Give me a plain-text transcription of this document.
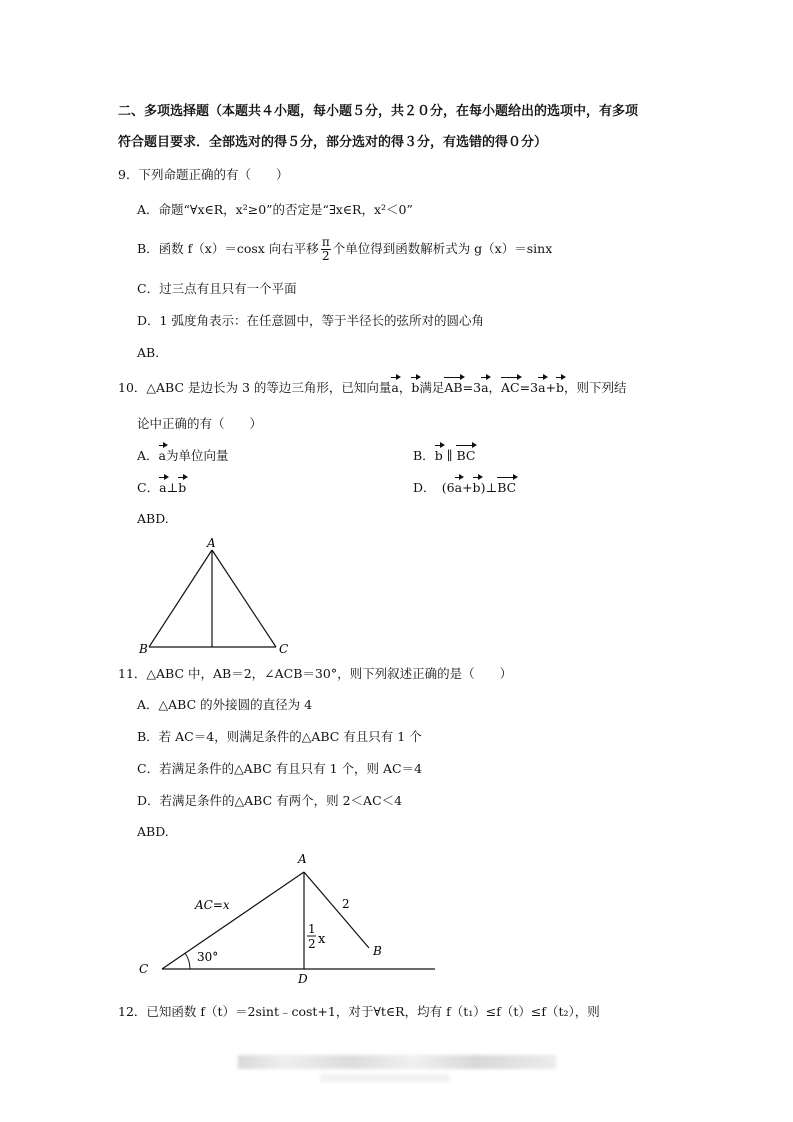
二、多项选择题（本题共４小题，每小题５分，共２０分，在每小题给出的选项中，有多项
符合题目要求．全部选对的得５分，部分选对的得３分，有选错的得０分）
9．下列命题正确的有（　　）
A．命题“∀x∈R，x²≥0”的否定是“∃x∈R，x²＜0”
B．函数 f（x）＝cosx 向右平移 $\frac{\pi}{2}$ 个单位得到函数解析式为 g（x）＝sinx
C．过三点有且只有一个平面
D．1 弧度角表示：在任意圆中，等于半径长的弦所对的圆心角
AB.
10．△ABC 是边长为 3 的等边三角形，已知向量a，b满足AB=3a，AC=3a+b，则下列结
论中正确的有（　　）
A．a为单位向量	B．b ∥ BC
C．a⊥b	D．　(6a+b)⊥BC
ABD.
A
B	C
11．△ABC 中，AB＝2，∠ACB＝30°，则下列叙述正确的是（　　）
A．△ABC 的外接圆的直径为 4
B．若 AC＝4，则满足条件的△ABC 有且只有 1 个
C．若满足条件的△ABC 有且只有 1 个，则 AC＝4
D．若满足条件的△ABC 有两个，则 2＜AC＜4
ABD.
A
B
C
D
AC=x	2
30°
1
2 x
12．已知函数 f（t）＝2sint﹣cost+1，对于∀t∈R，均有 f（t₁）≤f（t）≤f（t₂），则
